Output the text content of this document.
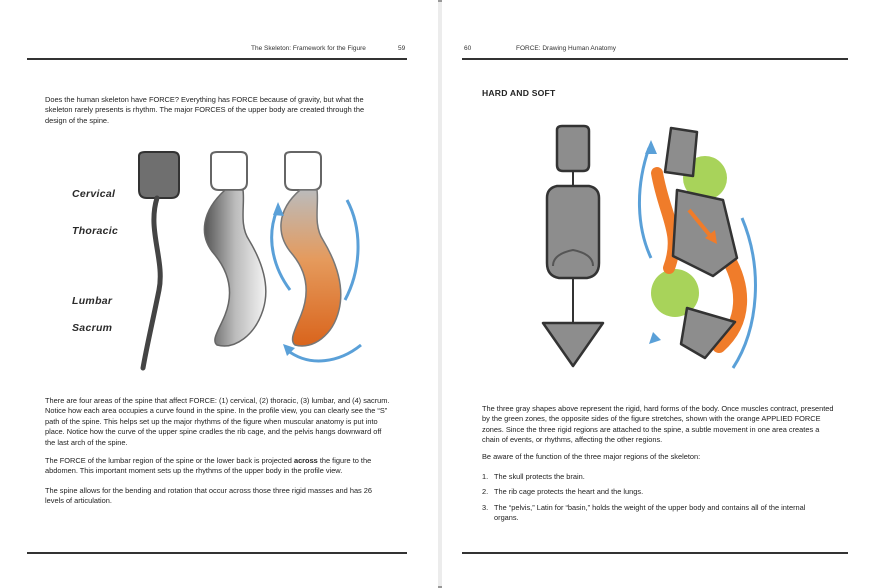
The Skeleton: Framework for the Figure	59

Does the human skeleton have FORCE? Everything has FORCE because of gravity, but what the skeleton rarely presents is rhythm. The major FORCES of the upper body are created through the design of the spine.

Cervical
Thoracic
Lumbar
Sacrum

There are four areas of the spine that affect FORCE: (1) cervical, (2) thoracic, (3) lumbar, and (4) sacrum. Notice how each area occupies a curve found in the spine. In the profile view, you can clearly see the “S” path of the spine. This helps set up the major rhythms of the figure when muscular anatomy is put into place. Notice how the curve of the upper spine cradles the rib cage, and the pelvis hangs downward off the last arch of the spine.

The FORCE of the lumbar region of the spine or the lower back is projected across the figure to the abdomen. This important moment sets up the rhythms of the upper body in the profile view.

The spine allows for the bending and rotation that occur across those three rigid masses and has 26 levels of articulation.

60	FORCE: Drawing Human Anatomy
HARD AND SOFT

The three gray shapes above represent the rigid, hard forms of the body. Once muscles contract, presented by the green zones, the opposite sides of the figure stretches, shown with the orange APPLIED FORCE zones. Since the three rigid regions are attached to the spine, a subtle movement in one area creates a chain of events, or rhythms, affecting the other regions.

Be aware of the function of the three major regions of the skeleton:

1. The skull protects the brain.
2. The rib cage protects the heart and the lungs.
3. The “pelvis,” Latin for “basin,” holds the weight of the upper body and contains all of the internal organs.
